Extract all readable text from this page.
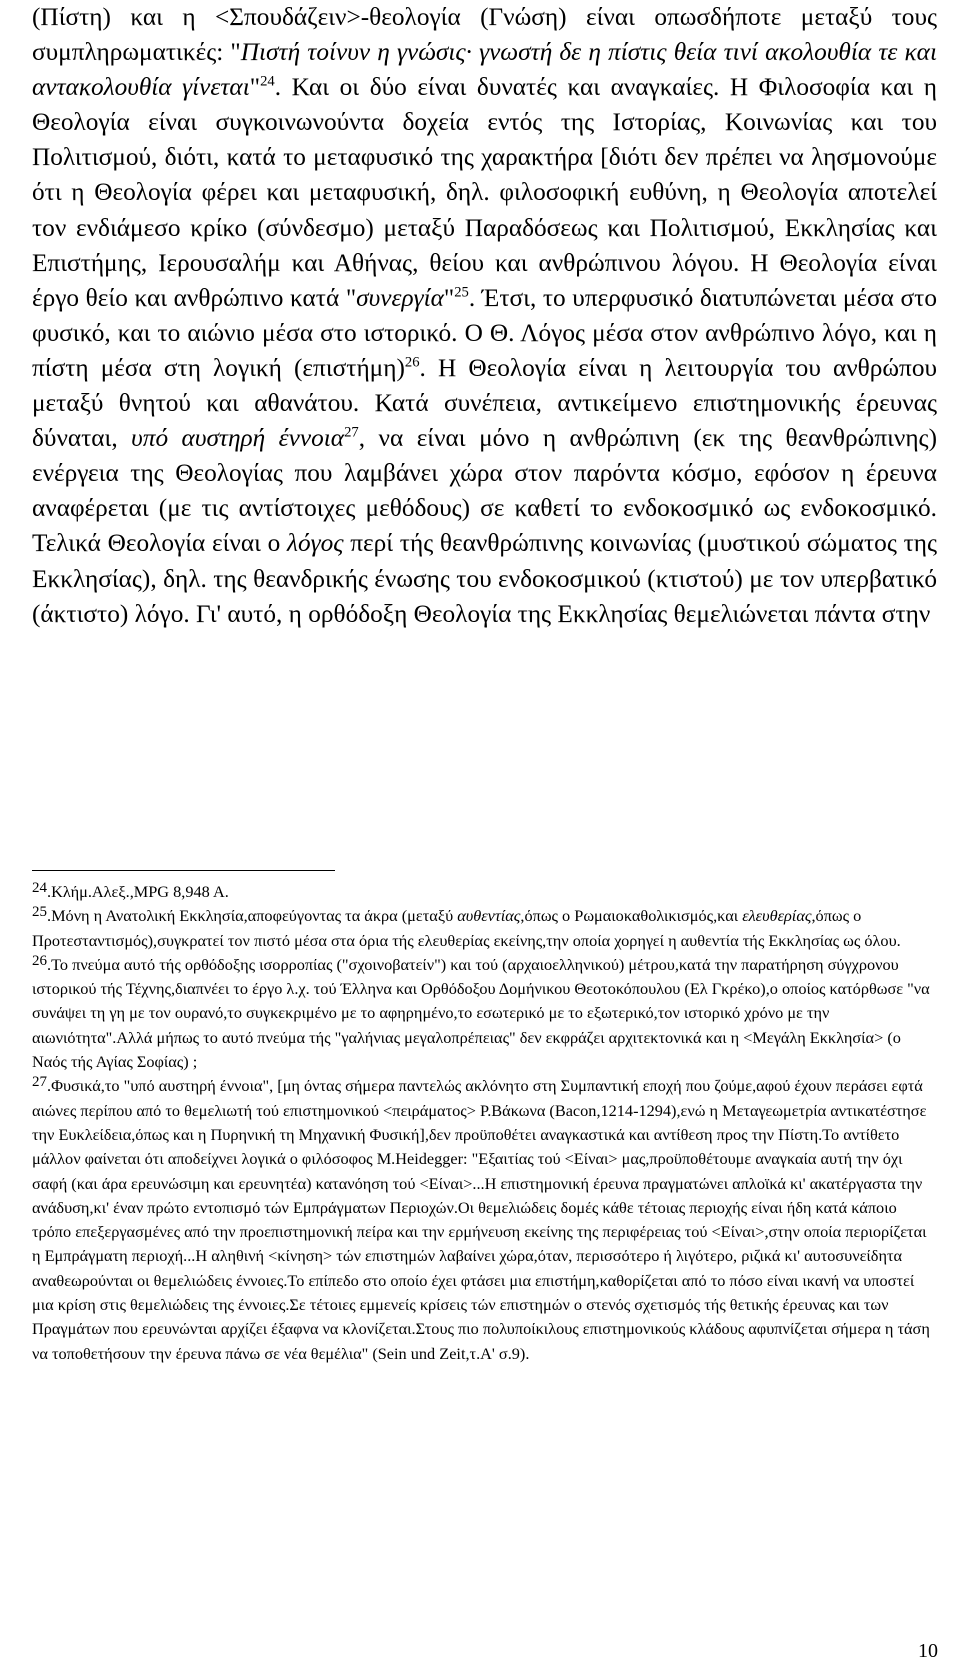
(Πίστη) και η <Σπουδάζειν>-θεολογία (Γνώση) είναι οπωσδήποτε μεταξύ τους συμπληρωματικές: "Πιστή τοίνυν η γνώσις· γνωστή δε η πίστις θεία τινί ακολουθία τε και αντακολουθία γίνεται"$^{24}$. Και οι δύο είναι δυνατές και αναγκαίες. Η Φιλοσοφία και η Θεολογία είναι συγκοινωνούντα δοχεία εντός της Ιστορίας, Κοινωνίας και του Πολιτισμού, διότι, κατά το μεταφυσικό της χαρακτήρα [διότι δεν πρέπει να λησμονούμε ότι η Θεολογία φέρει και μεταφυσική, δηλ. φιλοσοφική ευθύνη, η Θεολογία αποτελεί τον ενδιάμεσο κρίκο (σύνδεσμο) μεταξύ Παραδόσεως και Πολιτισμού, Εκκλησίας και Επιστήμης, Ιερουσαλήμ και Αθήνας, θείου και ανθρώπινου λόγου. Η Θεολογία είναι έργο θείο και ανθρώπινο κατά "συνεργία"$^{25}$. Έτσι, το υπερφυσικό διατυπώνεται μέσα στο φυσικό, και το αιώνιο μέσα στο ιστορικό. Ο Θ. Λόγος μέσα στον ανθρώπινο λόγο, και η πίστη μέσα στη λογική $(\varepsilon\pi\iota\sigma\tau ή\mu\eta)^{26}$. Η Θεολογία είναι η λειτουργία του ανθρώπου μεταξύ θνητού και αθανάτου. Κατά συνέπεια, αντικείμενο επιστημονικής έρευνας δύναται, υπό αυστηρή έννοια$^{27}$, να είναι μόνο η ανθρώπινη (εκ της θεανθρώπινης) ενέργεια της Θεολογίας που λαμβάνει χώρα στον παρόντα κόσμο, εφόσον η έρευνα αναφέρεται (με τις αντίστοιχες μεθόδους) σε καθετί το ενδοκοσμικό ως ενδοκοσμικό. Τελικά Θεολογία είναι ο λόγος περί τής θεανθρώπινης κοινωνίας (μυστικού σώματος της Εκκλησίας), δηλ. της θεανδρικής ένωσης του ενδοκοσμικού (κτιστού) με τον υπερβατικό (άκτιστο) λόγο. Γι' αυτό, η ορθόδοξη Θεολογία της Εκκλησίας θεμελιώνεται πάντα στην

24.Κλήμ.Αλεξ.,MPG 8,948 A.

25.Μόνη η Ανατολική Εκκλησία,αποφεύγοντας τα άκρα (μεταξύ αυθεντίας,όπως ο Ρωμαιοκαθολικισμός,και ελευθερίας,όπως ο Προτεσταντισμός),συγκρατεί τον πιστό μέσα στα όρια τής ελευθερίας εκείνης,την οποία χορηγεί η αυθεντία τής Εκκλησίας ως όλου.

26.Το πνεύμα αυτό τής ορθόδοξης ισορροπίας ("σχοινοβατείν") και τού (αρχαιοελληνικού) μέτρου,κατά την παρατήρηση σύγχρονου ιστορικού τής Τέχνης,διαπνέει το έργο λ.χ. τού Έλληνα και Ορθόδοξου Δομήνικου Θεοτοκόπουλου (Ελ Γκρέκο),ο οποίος κατόρθωσε "να συνάψει τη γη με τον ουρανό,το συγκεκριμένο με το αφηρημένο,το εσωτερικό με το εξωτερικό,τον ιστορικό χρόνο με την αιωνιότητα".Αλλά μήπως το αυτό πνεύμα τής "γαλήνιας μεγαλοπρέπειας" δεν εκφράζει αρχιτεκτονικά και η <Μεγάλη Εκκλησία> (ο Ναός τής Αγίας Σοφίας) ;

27.Φυσικά,το "υπό αυστηρή έννοια", [μη όντας σήμερα παντελώς ακλόνητο στη Συμπαντική εποχή που ζούμε,αφού έχουν περάσει εφτά αιώνες περίπου από το θεμελιωτή τού επιστημονικού <πειράματος> Ρ.Βάκωνα (Bacon,1214-1294),ενώ η Μεταγεωμετρία αντικατέστησε την Ευκλείδεια,όπως και η Πυρηνική τη Μηχανική Φυσική],δεν προϋποθέτει αναγκαστικά και αντίθεση προς την Πίστη.Το αντίθετο μάλλον φαίνεται ότι αποδείχνει λογικά ο φιλόσοφος M.Heidegger: "Εξαιτίας τού <Είναι> μας,προϋποθέτουμε αναγκαία αυτή την όχι σαφή (και άρα ερευνώσιμη και ερευνητέα) κατανόηση τού <Είναι>...Η επιστημονική έρευνα πραγματώνει απλοϊκά κι' ακατέργαστα την ανάδυση,κι' έναν πρώτο εντοπισμό τών Εμπράγματων Περιοχών.Οι θεμελιώδεις δομές κάθε τέτοιας περιοχής είναι ήδη κατά κάποιο τρόπο επεξεργασμένες από την προεπιστημονική πείρα και την ερμήνευση εκείνης της περιφέρειας τού <Είναι>,στην οποία περιορίζεται η Εμπράγματη περιοχή...Η αληθινή <κίνηση> τών επιστημών λαβαίνει χώρα,όταν, περισσότερο ή λιγότερο, ριζικά κι' αυτοσυνείδητα αναθεωρούνται οι θεμελιώδεις έννοιες.Το επίπεδο στο οποίο έχει φτάσει μια επιστήμη,καθορίζεται από το πόσο είναι ικανή να υποστεί μια κρίση στις θεμελιώδεις της έννοιες.Σε τέτοιες εμμενείς κρίσεις τών επιστημών ο στενός σχετισμός τής θετικής έρευνας και των Πραγμάτων που ερευνώνται αρχίζει έξαφνα να κλονίζεται.Στους πιο πολυποίκιλους επιστημονικούς κλάδους αφυπνίζεται σήμερα η τάση να τοποθετήσουν την έρευνα πάνω σε νέα θεμέλια" (Sein und Zeit,τ.Α' σ.9).

10
